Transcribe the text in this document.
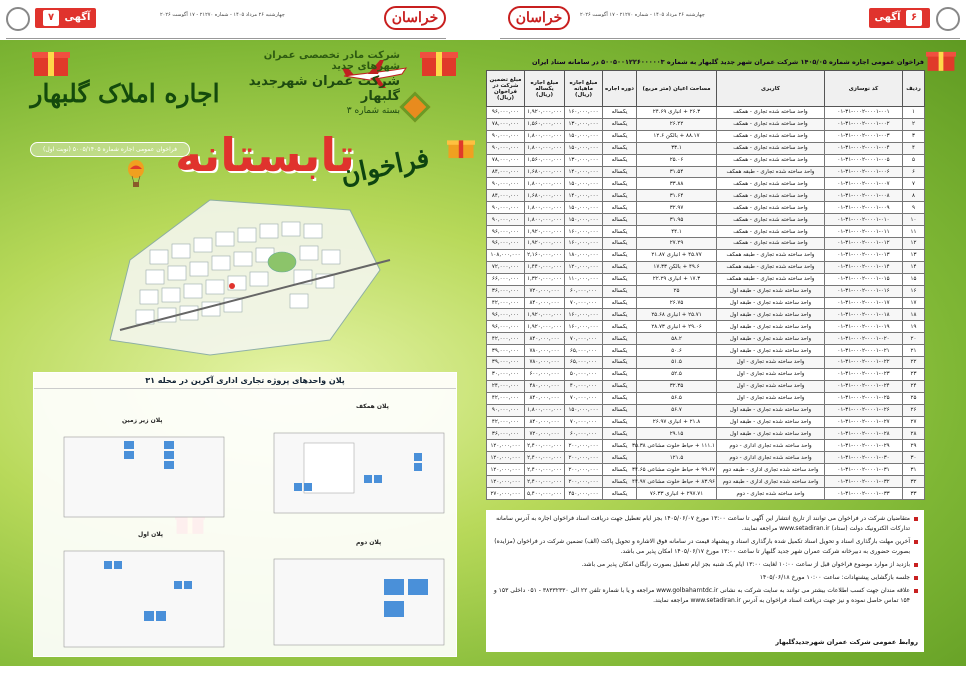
۷ آگهی	چهارشنبه ۲۶ مرداد ۱۴۰۵ - شماره ۲۱۲۷۰ - ۱۷ آگوست ۲۰۲۶	خراسان	خراسان	چهارشنبه ۲۶ مرداد ۱۴۰۵ - شماره ۲۱۲۷۰ - ۱۷ آگوست ۲۰۲۶	آگهی ۶
شرکت مادر تخصصی عمران شهرهای جدید
شرکت عمران شهرجدید گلبهار
بسته شماره ۳
اجاره املاک گلبهار
فراخوان عمومی اجاره شماره ۵۰۰۵/۱۴۰۵ (نوبت اول)
تابستانه
فراخوان
پلان واحدهای پروژه تجاری اداری آکرین در محله ۳۱
پلان همکف
پلان زیر زمین
پلان دوم
پلان اول
فراخوان عمومی اجاره شماره ۱۴۰۵/۰۵ شرکت عمران شهر جدید گلبهار به شماره ۵۰۰۵۰۰۱۲۲۶۰۰۰۰۰۳ در سامانه ستاد ایران
ردیف	کد نوسازی	کاربری	مساحت اعیان (متر مربع)	دوره اجاره	مبلغ اجاره ماهیانه (ریال)	مبلغ اجاره یکساله (ریال)	مبلغ تضمین شرکت در فراخوان (ریال)
۱	۰۱-۳۱-۰۰۰۲-۰۰۰۱-۰۰۱	واحد ساخته شده تجاری - همکف	۲۶.۳ + انباری ۲۴.۶۹	یکساله	۱۶۰,۰۰۰,۰۰۰	۱,۹۲۰,۰۰۰,۰۰۰	۹۶,۰۰۰,۰۰۰
۲	۰۱-۳۱-۰۰۰۲-۰۰۰۱-۰۰۲	واحد ساخته شده تجاری - همکف	۲۶.۲۲	یکساله	۱۳۰,۰۰۰,۰۰۰	۱,۵۶۰,۰۰۰,۰۰۰	۷۸,۰۰۰,۰۰۰
۳	۰۱-۳۱-۰۰۰۲-۰۰۰۱-۰۰۳	واحد ساخته شده تجاری - همکف	۸۸.۱۷ + بالکن ۱۲.۶	یکساله	۱۵۰,۰۰۰,۰۰۰	۱,۸۰۰,۰۰۰,۰۰۰	۹۰,۰۰۰,۰۰۰
۴	۰۱-۳۱-۰۰۰۲-۰۰۰۱-۰۰۴	واحد ساخته شده تجاری - همکف	۳۳.۱	یکساله	۱۵۰,۰۰۰,۰۰۰	۱,۸۰۰,۰۰۰,۰۰۰	۹۰,۰۰۰,۰۰۰
۵	۰۱-۳۱-۰۰۰۲-۰۰۰۱-۰۰۵	واحد ساخته شده تجاری - همکف	۲۵.۰۶	یکساله	۱۳۰,۰۰۰,۰۰۰	۱,۵۶۰,۰۰۰,۰۰۰	۷۸,۰۰۰,۰۰۰
۶	۰۱-۳۱-۰۰۰۲-۰۰۰۱-۰۰۶	واحد ساخته شده تجاری - طبقه همکف	۳۱.۵۴	یکساله	۱۴۰,۰۰۰,۰۰۰	۱,۶۸۰,۰۰۰,۰۰۰	۸۴,۰۰۰,۰۰۰
۷	۰۱-۳۱-۰۰۰۲-۰۰۰۱-۰۰۷	واحد ساخته شده تجاری - همکف	۳۳.۸۸	یکساله	۱۵۰,۰۰۰,۰۰۰	۱,۸۰۰,۰۰۰,۰۰۰	۹۰,۰۰۰,۰۰۰
۸	۰۱-۳۱-۰۰۰۲-۰۰۰۱-۰۰۸	واحد ساخته شده تجاری - همکف	۳۱.۶۴	یکساله	۱۴۰,۰۰۰,۰۰۰	۱,۶۸۰,۰۰۰,۰۰۰	۸۴,۰۰۰,۰۰۰
۹	۰۱-۳۱-۰۰۰۲-۰۰۰۱-۰۰۹	واحد ساخته شده تجاری - همکف	۳۲.۹۷	یکساله	۱۵۰,۰۰۰,۰۰۰	۱,۸۰۰,۰۰۰,۰۰۰	۹۰,۰۰۰,۰۰۰
۱۰	۰۱-۳۱-۰۰۰۲-۰۰۰۱-۰۱۰	واحد ساخته شده تجاری - همکف	۳۱.۹۵	یکساله	۱۵۰,۰۰۰,۰۰۰	۱,۸۰۰,۰۰۰,۰۰۰	۹۰,۰۰۰,۰۰۰
۱۱	۰۱-۳۱-۰۰۰۲-۰۰۰۱-۰۱۱	واحد ساخته شده تجاری - همکف	۴۴.۱	یکساله	۱۶۰,۰۰۰,۰۰۰	۱,۹۲۰,۰۰۰,۰۰۰	۹۶,۰۰۰,۰۰۰
۱۲	۰۱-۳۱-۰۰۰۲-۰۰۰۱-۰۱۲	واحد ساخته شده تجاری - همکف	۲۷.۲۹	یکساله	۱۶۰,۰۰۰,۰۰۰	۱,۹۲۰,۰۰۰,۰۰۰	۹۶,۰۰۰,۰۰۰
۱۳	۰۱-۳۱-۰۰۰۲-۰۰۰۱-۰۱۳	واحد ساخته شده تجاری - طبقه همکف	۴۵.۷۷ + انباری ۲۱.۸۷	یکساله	۱۸۰,۰۰۰,۰۰۰	۲,۱۶۰,۰۰۰,۰۰۰	۱۰۸,۰۰۰,۰۰۰
۱۴	۰۱-۳۱-۰۰۰۲-۰۰۰۱-۰۱۴	واحد ساخته شده تجاری - طبقه همکف	۴۹.۶ + بالکن ۱۷.۳۳	یکساله	۱۲۰,۰۰۰,۰۰۰	۱,۴۴۰,۰۰۰,۰۰۰	۷۲,۰۰۰,۰۰۰
۱۵	۰۱-۳۱-۰۰۰۲-۰۰۰۱-۰۱۵	واحد ساخته شده تجاری - طبقه همکف	۱۷.۳ + انباری ۲۲.۲۹	یکساله	۱۱۰,۰۰۰,۰۰۰	۱,۳۲۰,۰۰۰,۰۰۰	۶۶,۰۰۰,۰۰۰
۱۶	۰۱-۳۱-۰۰۰۲-۰۰۰۱-۰۱۶	واحد ساخته شده تجاری - طبقه اول	۲۵	یکساله	۶۰,۰۰۰,۰۰۰	۷۲۰,۰۰۰,۰۰۰	۳۶,۰۰۰,۰۰۰
۱۷	۰۱-۳۱-۰۰۰۲-۰۰۰۱-۰۱۷	واحد ساخته شده تجاری - طبقه اول	۲۶.۷۵	یکساله	۷۰,۰۰۰,۰۰۰	۸۴۰,۰۰۰,۰۰۰	۴۲,۰۰۰,۰۰۰
۱۸	۰۱-۳۱-۰۰۰۲-۰۰۰۱-۰۱۸	واحد ساخته شده تجاری - طبقه اول	۲۵.۷۱ + انباری ۲۵.۶۸	یکساله	۱۶۰,۰۰۰,۰۰۰	۱,۹۲۰,۰۰۰,۰۰۰	۹۶,۰۰۰,۰۰۰
۱۹	۰۱-۳۱-۰۰۰۲-۰۰۰۱-۰۱۹	واحد ساخته شده تجاری - طبقه اول	۲۹.۰۶ + انباری ۲۸.۷۳	یکساله	۱۶۰,۰۰۰,۰۰۰	۱,۹۲۰,۰۰۰,۰۰۰	۹۶,۰۰۰,۰۰۰
۲۰	۰۱-۳۱-۰۰۰۲-۰۰۰۱-۰۲۰	واحد ساخته شده تجاری - طبقه اول	۵۸.۲	یکساله	۷۰,۰۰۰,۰۰۰	۸۴۰,۰۰۰,۰۰۰	۴۲,۰۰۰,۰۰۰
۲۱	۰۱-۳۱-۰۰۰۲-۰۰۰۱-۰۲۱	واحد ساخته شده تجاری - طبقه اول	۵۰.۶	یکساله	۶۵,۰۰۰,۰۰۰	۷۸۰,۰۰۰,۰۰۰	۳۹,۰۰۰,۰۰۰
۲۲	۰۱-۳۱-۰۰۰۲-۰۰۰۱-۰۲۲	واحد ساخته شده تجاری - اول	۵۱.۵	یکساله	۶۵,۰۰۰,۰۰۰	۷۸۰,۰۰۰,۰۰۰	۳۹,۰۰۰,۰۰۰
۲۳	۰۱-۳۱-۰۰۰۲-۰۰۰۱-۰۲۳	واحد ساخته شده تجاری - اول	۵۲.۵	یکساله	۵۰,۰۰۰,۰۰۰	۶۰۰,۰۰۰,۰۰۰	۳۰,۰۰۰,۰۰۰
۲۴	۰۱-۳۱-۰۰۰۲-۰۰۰۱-۰۲۴	واحد ساخته شده تجاری - اول	۳۲.۳۵	یکساله	۴۰,۰۰۰,۰۰۰	۴۸۰,۰۰۰,۰۰۰	۲۴,۰۰۰,۰۰۰
۲۵	۰۱-۳۱-۰۰۰۲-۰۰۰۱-۰۲۵	واحد ساخته شده تجاری - اول	۵۶.۵	یکساله	۷۰,۰۰۰,۰۰۰	۸۴۰,۰۰۰,۰۰۰	۴۲,۰۰۰,۰۰۰
۲۶	۰۱-۳۱-۰۰۰۲-۰۰۰۱-۰۲۶	واحد ساخته شده تجاری - طبقه اول	۵۶.۷	یکساله	۱۵۰,۰۰۰,۰۰۰	۱,۸۰۰,۰۰۰,۰۰۰	۹۰,۰۰۰,۰۰۰
۲۷	۰۱-۳۱-۰۰۰۲-۰۰۰۱-۰۲۷	واحد ساخته شده تجاری - طبقه اول	۲۱.۸ + انباری ۲۶.۹۷	یکساله	۷۰,۰۰۰,۰۰۰	۸۴۰,۰۰۰,۰۰۰	۴۲,۰۰۰,۰۰۰
۲۸	۰۱-۳۱-۰۰۰۲-۰۰۰۱-۰۲۸	واحد ساخته شده تجاری - طبقه اول	۲۹.۱۵	یکساله	۶۰,۰۰۰,۰۰۰	۷۲۰,۰۰۰,۰۰۰	۳۶,۰۰۰,۰۰۰
۲۹	۰۱-۳۱-۰۰۰۲-۰۰۰۱-۰۲۹	واحد ساخته شده تجاری اداری - دوم	۱۱۱.۱ + حیاط خلوت مشاعی ۳۵.۳۸	یکساله	۲۰۰,۰۰۰,۰۰۰	۲,۴۰۰,۰۰۰,۰۰۰	۱۲۰,۰۰۰,۰۰۰
۳۰	۰۱-۳۱-۰۰۰۲-۰۰۰۱-۰۳۰	واحد ساخته شده تجاری اداری - دوم	۱۲۱.۵	یکساله	۲۰۰,۰۰۰,۰۰۰	۲,۴۰۰,۰۰۰,۰۰۰	۱۲۰,۰۰۰,۰۰۰
۳۱	۰۱-۳۱-۰۰۰۲-۰۰۰۱-۰۳۱	واحد ساخته شده تجاری اداری - طبقه دوم	۹۹.۶۷ + حیاط خلوت مشاعی ۳۴.۶۵	یکساله	۲۰۰,۰۰۰,۰۰۰	۲,۴۰۰,۰۰۰,۰۰۰	۱۲۰,۰۰۰,۰۰۰
۳۲	۰۱-۳۱-۰۰۰۲-۰۰۰۱-۰۳۲	واحد ساخته شده تجاری اداری - طبقه دوم	۸۳.۹۶ + حیاط خلوت مشاعی ۴۴.۹۷	یکساله	۲۰۰,۰۰۰,۰۰۰	۲,۴۰۰,۰۰۰,۰۰۰	۱۲۰,۰۰۰,۰۰۰
۳۳	۰۱-۳۱-۰۰۰۲-۰۰۰۱-۰۳۳	واحد ساخته شده تجاری - دوم	۲۹۷.۷۱ + انباری ۷۶.۳۳	یکساله	۴۵۰,۰۰۰,۰۰۰	۵,۴۰۰,۰۰۰,۰۰۰	۲۷۰,۰۰۰,۰۰۰
متقاضیان شرکت در فراخوان می توانند از تاریخ انتشار این آگهی تا ساعت ۱۳:۰۰ مورخ ۱۴۰۵/۰۶/۰۷ بجز ایام تعطیل جهت دریافت اسناد فراخوان اجاره به آدرس سامانه تدارکات الکترونیک دولت (ستاد) www.setadiran.ir مراجعه نمایند.
آخرین مهلت بارگذاری اسناد و تحویل اسناد تکمیل شده بارگذاری اسناد و پیشنهاد قیمت در سامانه فوق الاشاره و تحویل پاکت (الف) تضمین شرکت در فراخوان (مزایده) بصورت حضوری به دبیرخانه شرکت عمران شهر جدید گلبهار تا ساعت ۱۳:۰۰ مورخ ۱۴۰۵/۰۶/۱۷ امکان پذیر می باشد.
بازدید از موارد موضوع فراخوان قبل از ساعت ۱۰:۰۰ لغایت ۱۳:۰۰ ایام یک شنبه بجز ایام تعطیل بصورت رایگان امکان پذیر می باشد.
جلسه بازگشایی پیشنهادات: ساعت ۱۰:۰۰ مورخ ۱۴۰۵/۰۶/۱۸
علاقه مندان جهت کسب اطلاعات بیشتر می توانند به سایت شرکت به نشانی www.golbaharntdc.ir مراجعه و یا با شماره تلفن ۲۲ الی ۳۸۳۳۲۳۳۰ - ۰۵۱ داخلی ۱۵۳ و ۱۵۴ تماس حاصل نموده و نیز جهت دریافت اسناد فراخوان به آدرس www.setadiran.ir مراجعه نمایند.
روابط عمومی شرکت عمران شهرجدیدگلبهار
